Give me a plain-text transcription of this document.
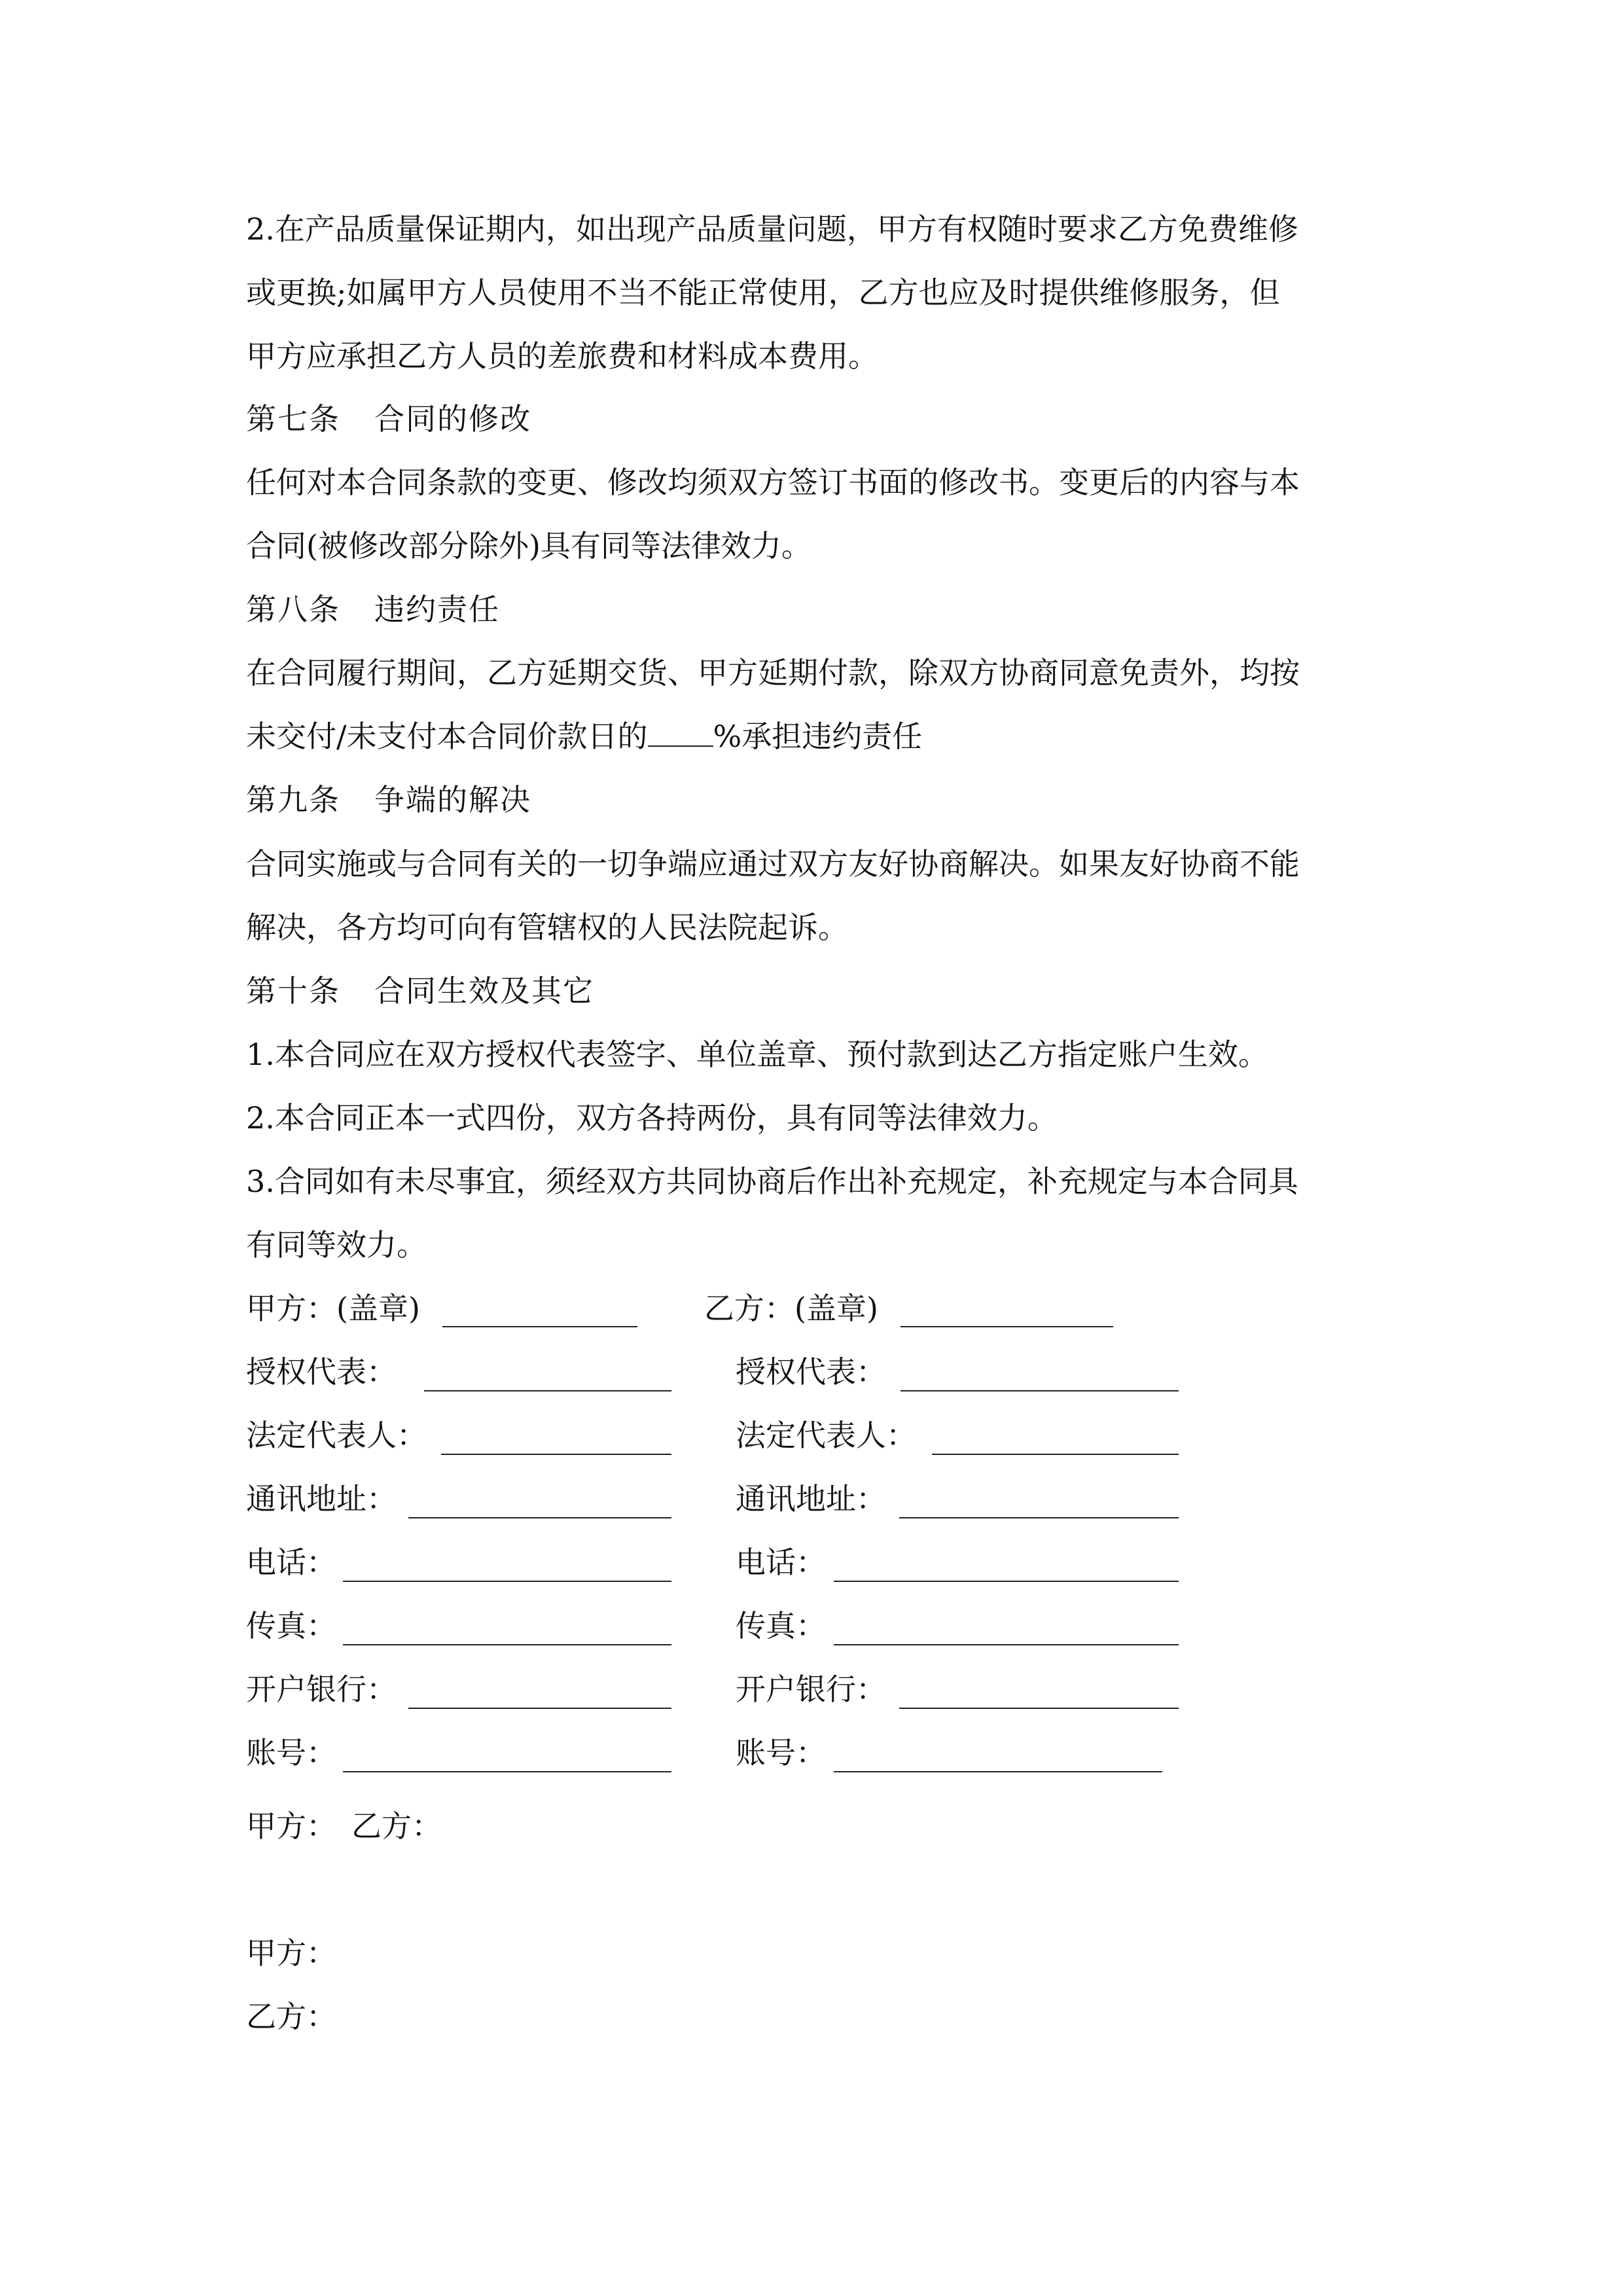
2.在产品质量保证期内，如出现产品质量问题，甲方有权随时要求乙方免费维修
或更换;如属甲方人员使用不当不能正常使用，乙方也应及时提供维修服务，但
甲方应承担乙方人员的差旅费和材料成本费用。
第七条 合同的修改
任何对本合同条款的变更、修改均须双方签订书面的修改书。变更后的内容与本
合同(被修改部分除外)具有同等法律效力。
第八条 违约责任
在合同履行期间，乙方延期交货、甲方延期付款，除双方协商同意免责外，均按
未交付/未支付本合同价款日的 %承担违约责任
第九条 争端的解决
合同实施或与合同有关的一切争端应通过双方友好协商解决。如果友好协商不能
解决，各方均可向有管辖权的人民法院起诉。
第十条 合同生效及其它
1.本合同应在双方授权代表签字、单位盖章、预付款到达乙方指定账户生效。
2.本合同正本一式四份，双方各持两份，具有同等法律效力。
3.合同如有未尽事宜，须经双方共同协商后作出补充规定，补充规定与本合同具
有同等效力。
甲方：(盖章)	乙方：(盖章)
授权代表：	授权代表：
法定代表人：	法定代表人：
通讯地址：	通讯地址：
电话：	电话：
传真：	传真：
开户银行：	开户银行：
账号：	账号：
甲方：　乙方：
甲方：
乙方：
